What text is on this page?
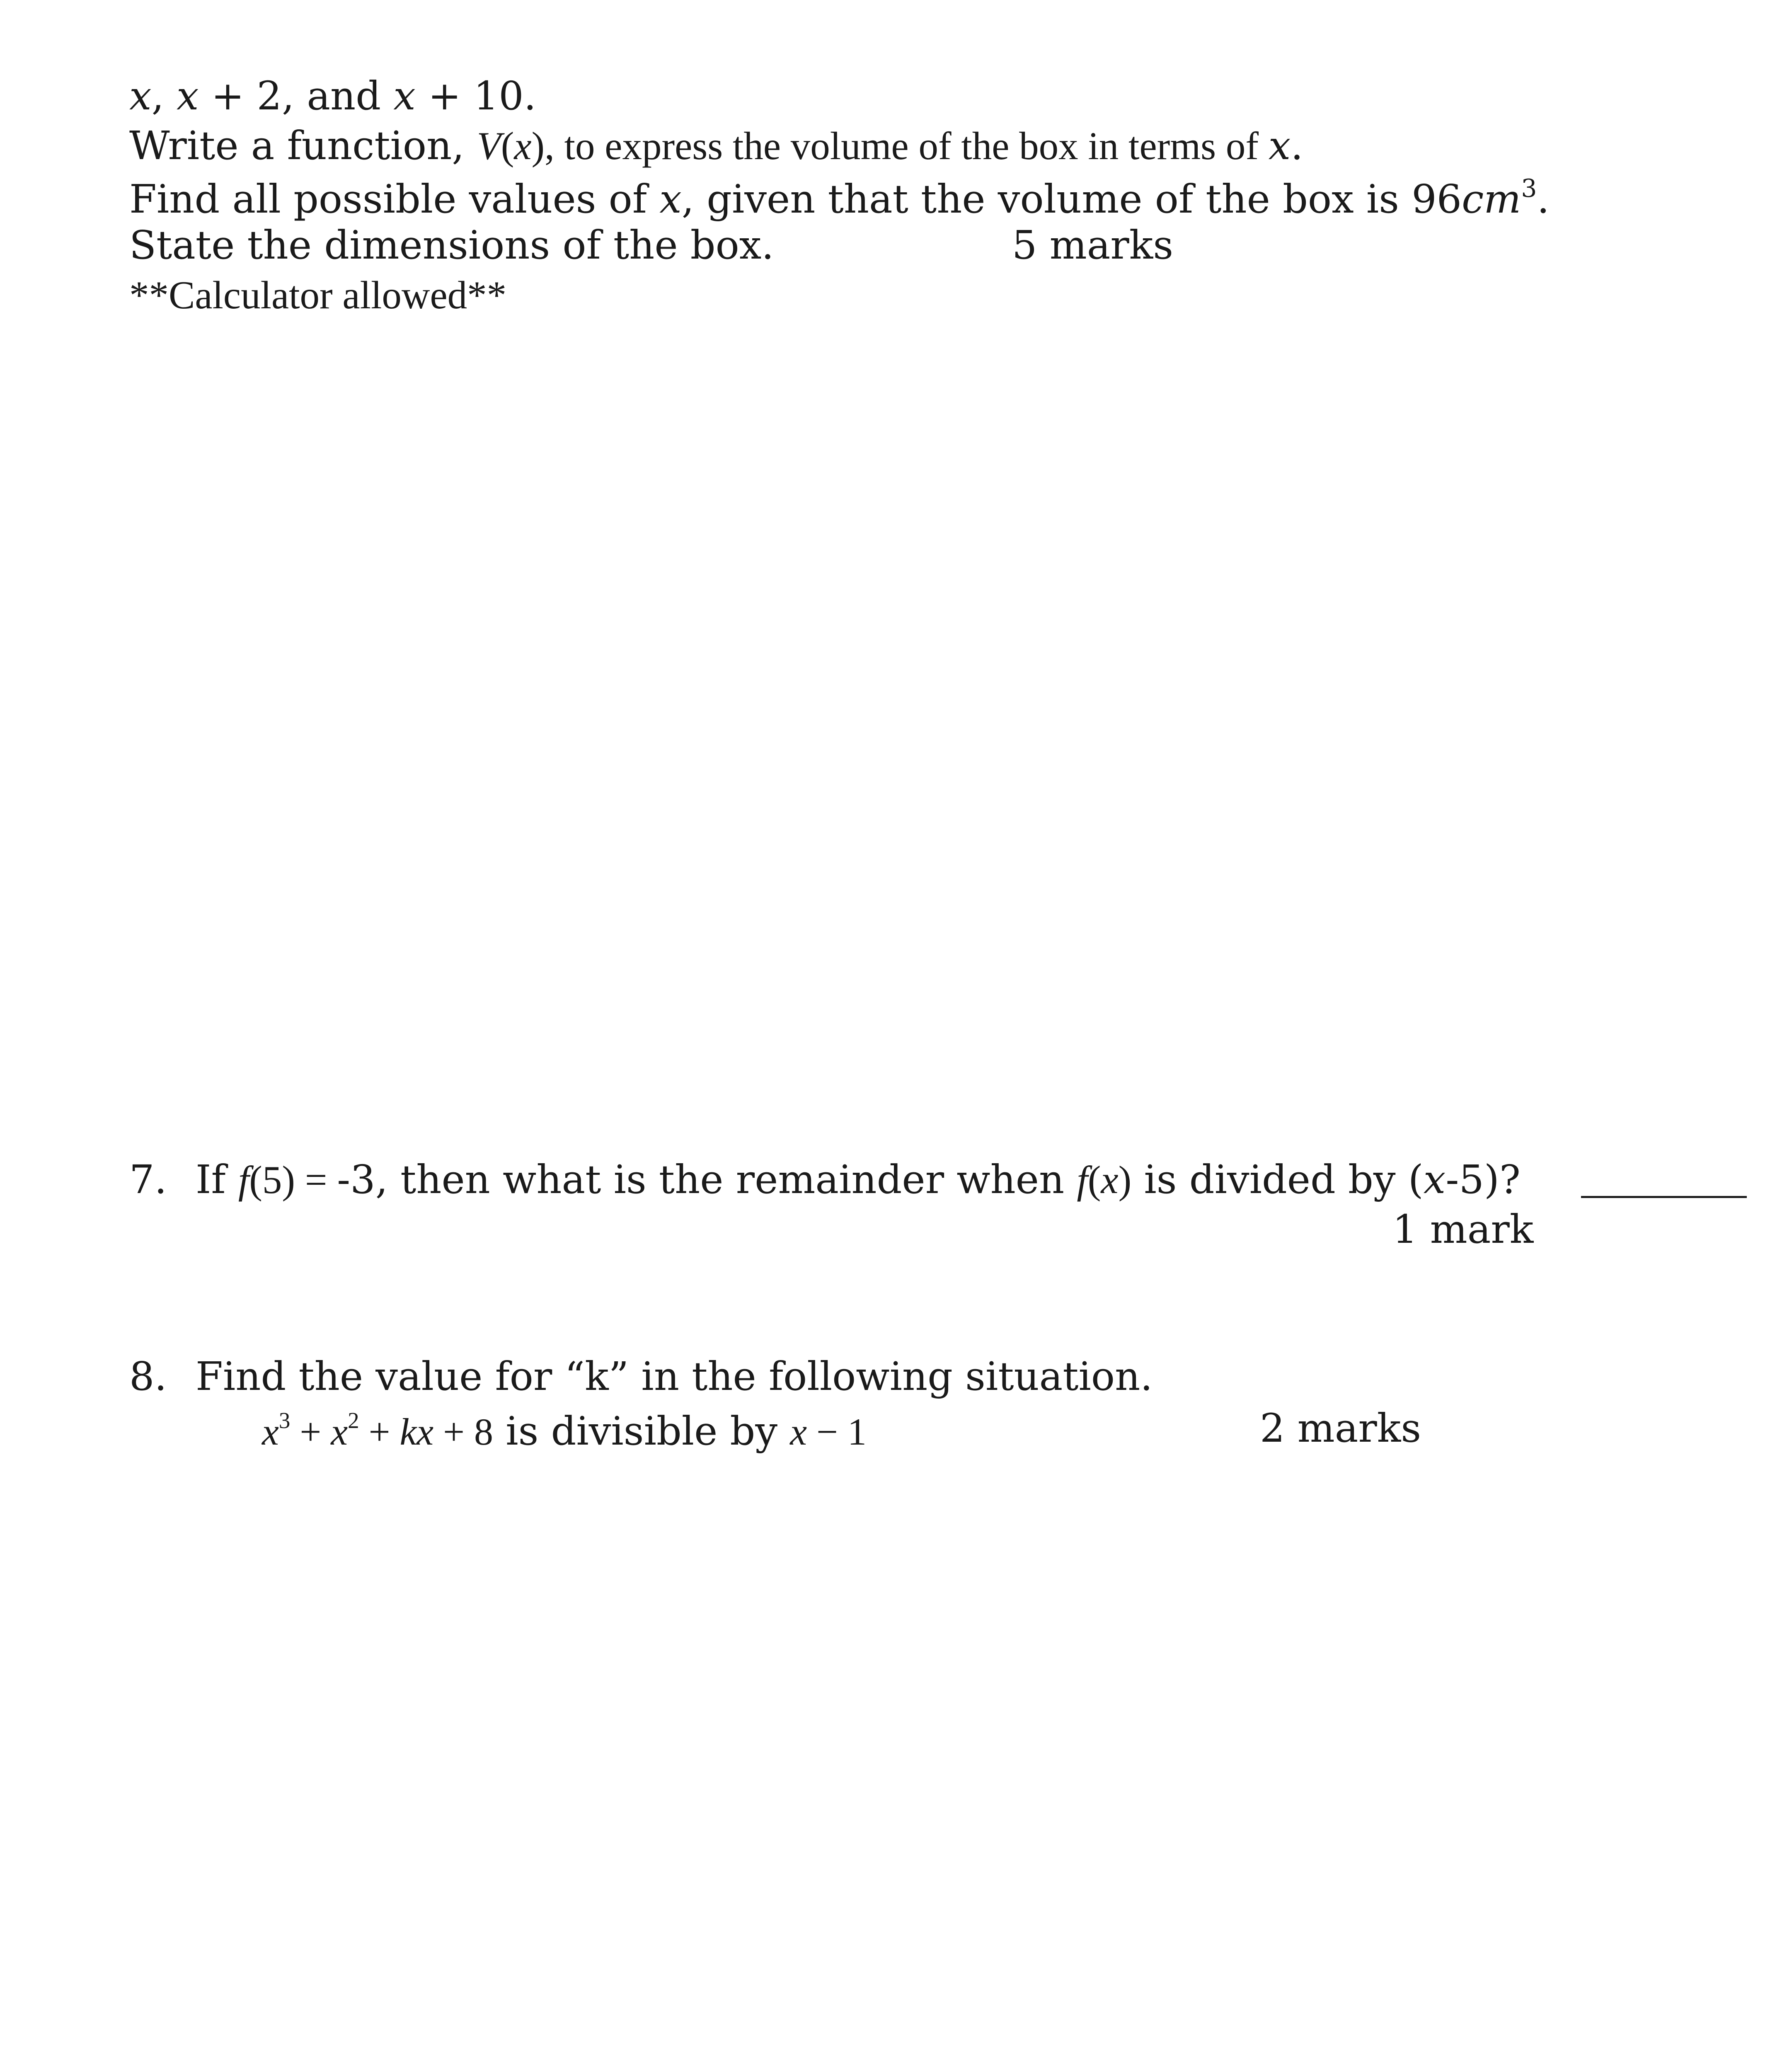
x, x + 2, and x + 10.
Write a function, V(x), to express the volume of the box in terms of x.
Find all possible values of x, given that the volume of the box is $96cm^3$.
State the dimensions of the box.	5 marks
**Calculator allowed**
7. If f(5) = -3, then what is the remainder when f(x) is divided by (x-5)?
1 mark
8. Find the value for “k” in the following situation.
$x^3 + x^2$ + kx + 8 is divisible by x − 1	2 marks
